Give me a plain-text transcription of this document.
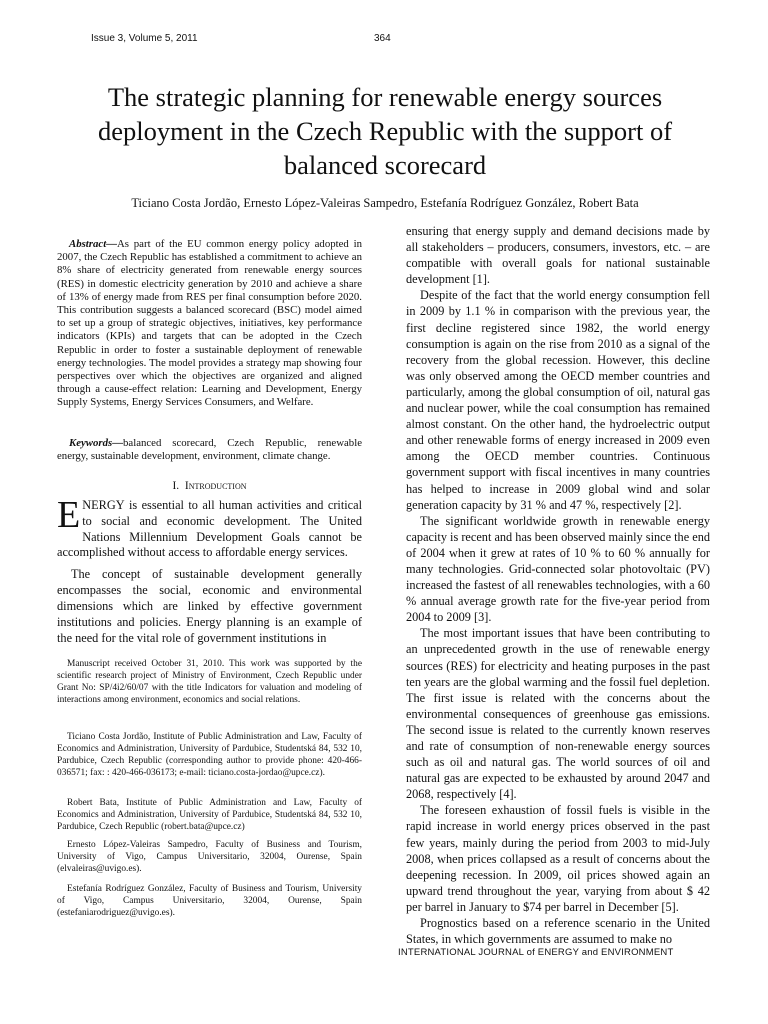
Issue 3, Volume 5, 2011	364
The strategic planning for renewable energy sources deployment in the Czech Republic with the support of balanced scorecard
Ticiano Costa Jordão, Ernesto López-Valeiras Sampedro, Estefanía Rodríguez González, Robert Bata

Abstract—As part of the EU common energy policy adopted in 2007, the Czech Republic has established a commitment to achieve an 8% share of electricity generated from renewable energy sources (RES) in domestic electricity generation by 2010 and achieve a share of 13% of energy made from RES per final consumption before 2020. This contribution suggests a balanced scorecard (BSC) model aimed to set up a group of strategic objectives, initiatives, key performance indicators (KPIs) and targets that can be adopted in the Czech Republic in order to foster a sustainable deployment of renewable energy technologies. The model provides a strategy map showing four perspectives over which the objectives are organized and aligned through a cause-effect relation: Learning and Development, Energy Supply Systems, Energy Services Consumers, and Welfare.

Keywords—balanced scorecard, Czech Republic, renewable energy, sustainable development, environment, climate change.

I. Introduction

ENERGY is essential to all human activities and critical to social and economic development. The United Nations Millennium Development Goals cannot be accomplished without access to affordable energy services.

The concept of sustainable development generally encompasses the social, economic and environmental dimensions which are linked by effective government institutions and policies. Energy planning is an example of the need for the vital role of government institutions in

Manuscript received October 31, 2010. This work was supported by the scientific research project of Ministry of Environment, Czech Republic under Grant No: SP/4i2/60/07 with the title Indicators for valuation and modeling of interactions among environment, economics and social relations.

Ticiano Costa Jordão, Institute of Public Administration and Law, Faculty of Economics and Administration, University of Pardubice, Studentská 84, 532 10, Pardubice, Czech Republic (corresponding author to provide phone: 420-466-036571; fax: : 420-466-036173; e-mail: ticiano.costa-jordao@upce.cz).

Robert Bata, Institute of Public Administration and Law, Faculty of Economics and Administration, University of Pardubice, Studentská 84, 532 10, Pardubice, Czech Republic (robert.bata@upce.cz)

Ernesto López-Valeiras Sampedro, Faculty of Business and Tourism, University of Vigo, Campus Universitario, 32004, Ourense, Spain (elvaleiras@uvigo.es).

Estefanía Rodríguez González, Faculty of Business and Tourism, University of Vigo, Campus Universitario, 32004, Ourense, Spain (estefaniarodriguez@uvigo.es).

ensuring that energy supply and demand decisions made by all stakeholders – producers, consumers, investors, etc. – are compatible with overall goals for national sustainable development [1].

Despite of the fact that the world energy consumption fell in 2009 by 1.1 % in comparison with the previous year, the first decline registered since 1982, the world energy consumption is again on the rise from 2010 as a signal of the recovery from the global recession. However, this decline was only observed among the OECD member countries and particularly, among the global consumption of oil, natural gas and nuclear power, while the coal consumption has remained almost constant. On the other hand, the hydroelectric output and other renewable forms of energy increased in 2009 even among the OECD member countries. Continuous government support with fiscal incentives in many countries has helped to increase in 2009 global wind and solar generation capacity by 31 % and 47 %, respectively [2].

The significant worldwide growth in renewable energy capacity is recent and has been observed mainly since the end of 2004 when it grew at rates of 10 % to 60 % annually for many technologies. Grid-connected solar photovoltaic (PV) increased the fastest of all renewables technologies, with a 60 % annual average growth rate for the five-year period from 2004 to 2009 [3].

The most important issues that have been contributing to an unprecedented growth in the use of renewable energy sources (RES) for electricity and heating purposes in the past ten years are the global warming and the fossil fuel depletion. The first issue is related with the concerns about the environmental consequences of greenhouse gas emissions. The second issue is related to the currently known reserves and rate of consumption of non-renewable energy sources such as oil and natural gas. The world sources of oil and natural gas are expected to be exhausted by around 2047 and 2068, respectively [4].

The foreseen exhaustion of fossil fuels is visible in the rapid increase in world energy prices observed in the past few years, mainly during the period from 2003 to mid-July 2008, when prices collapsed as a result of concerns about the deepening recession. In 2009, oil prices showed again an upward trend throughout the year, varying from about $ 42 per barrel in January to $74 per barrel in December [5].

Prognostics based on a reference scenario in the United States, in which governments are assumed to make no

INTERNATIONAL JOURNAL of ENERGY and ENVIRONMENT
